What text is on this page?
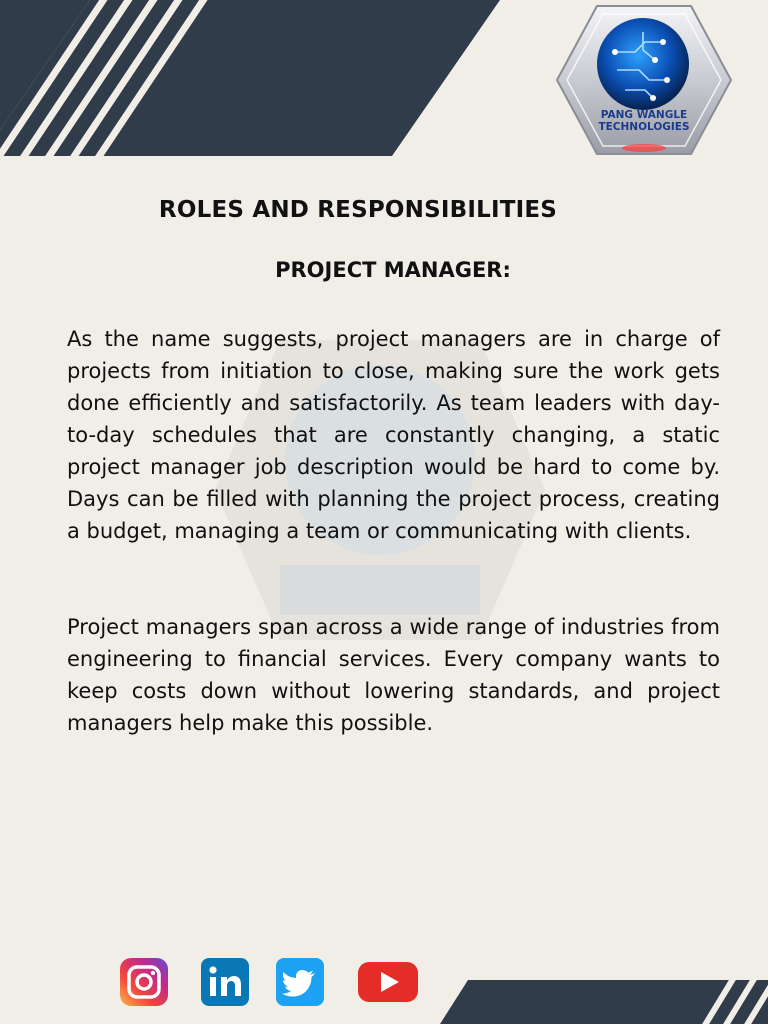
PANG WANGLE
TECHNOLOGIES
ROLES AND RESPONSIBILITIES
PROJECT MANAGER:

As the name suggests, project managers are in charge of projects from initiation to close, making sure the work gets done efficiently and satisfactorily. As team leaders with day-to-day schedules that are constantly changing, a static project manager job description would be hard to come by. Days can be filled with planning the project process, creating a budget, managing a team or communicating with clients.

Project managers span across a wide range of industries from engineering to financial services. Every company wants to keep costs down without lowering standards, and project managers help make this possible.
